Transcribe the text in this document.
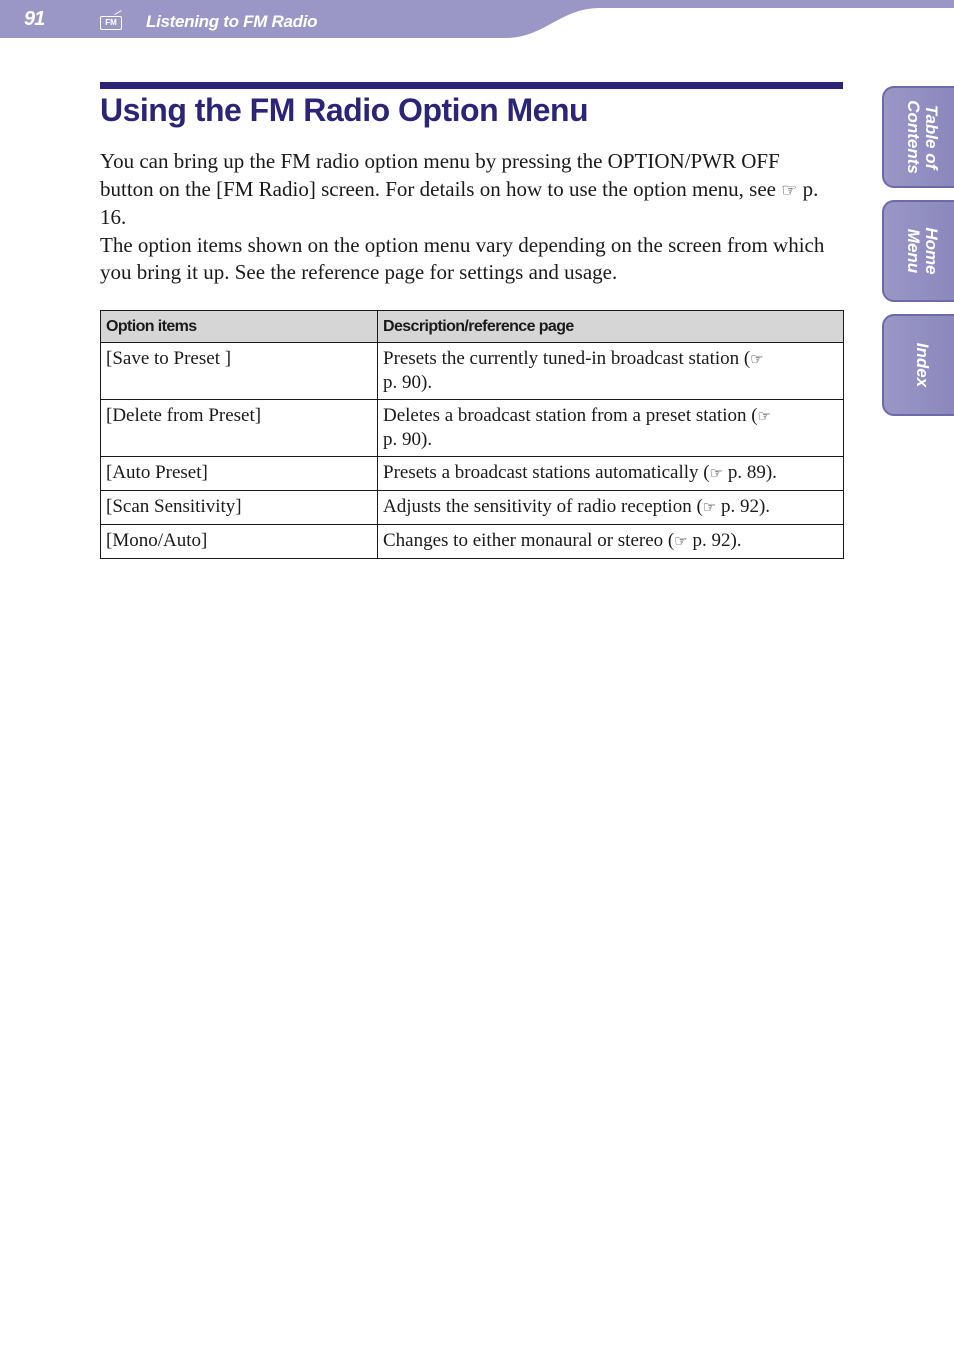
91	FM	Listening to FM Radio
Table of
Contents
Home
Menu
Index
Using the FM Radio Option Menu

You can bring up the FM radio option menu by pressing the OPTION/PWR OFF button on the [FM Radio] screen. For details on how to use the option menu, see ☞ p. 16.
The option items shown on the option menu vary depending on the screen from which you bring it up. See the reference page for settings and usage.

Option items	Description/reference page
[Save to Preset ]	Presets the currently tuned-in broadcast station (☞
p. 90).
[Delete from Preset]	Deletes a broadcast station from a preset station (☞
p. 90).
[Auto Preset]	Presets a broadcast stations automatically (☞ p. 89).
[Scan Sensitivity]	Adjusts the sensitivity of radio reception (☞ p. 92).
[Mono/Auto]	Changes to either monaural or stereo (☞ p. 92).
